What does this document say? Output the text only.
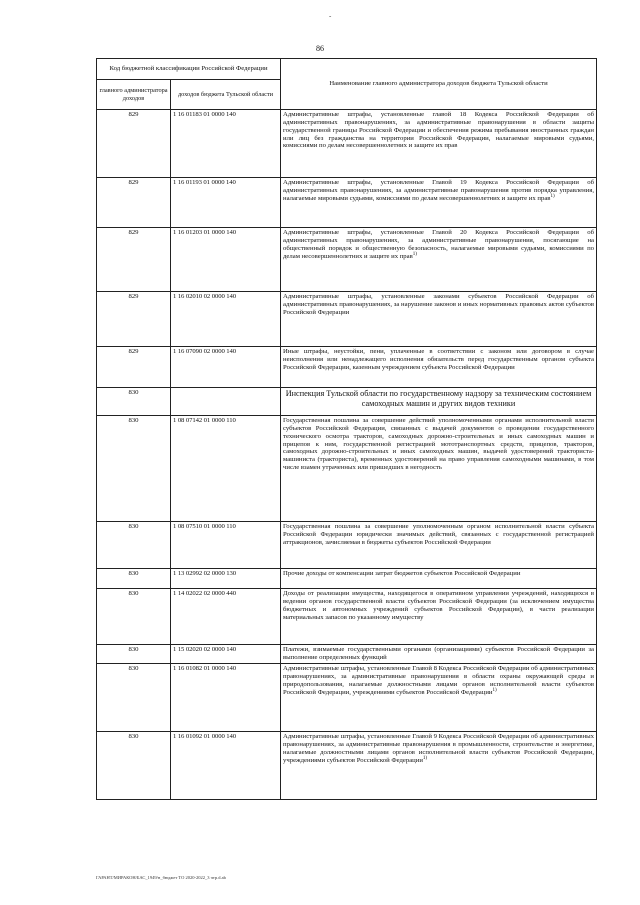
-
86
Код бюджетной классификации Российской Федерации		Наименование главного администратора доходов бюджета Тульской области
главного администратора доходов	доходов бюджета Тульской области	
829	1 16 01183 01 0000 140	Административные штрафы, установленные главой 18 Кодекса Российской Федерации об административных правонарушениях, за административные правонарушения в области защиты государственной границы Российской Федерации и обеспечения режима пребывания иностранных граждан или лиц без гражданства на территории Российской Федерации, налагаемые мировыми судьями, комиссиями по делам несовершеннолетних и защите их прав
829	1 16 01193 01 0000 140	Административные штрафы, установленные Главой 19 Кодекса Российской Федерации об административных правонарушениях, за административные правонарушения против порядка управления, налагаемые мировыми судьями, комиссиями по делам несовершеннолетних и защите их прав$^{1)}$
829	1 16 01203 01 0000 140	Административные штрафы, установленные Главой 20 Кодекса Российской Федерации об административных правонарушениях, за административные правонарушения, посягающие на общественный порядок и общественную безопасность, налагаемые мировыми судьями, комиссиями по делам несовершеннолетних и защите их прав$^{1)}$
829	1 16 02010 02 0000 140	Административные штрафы, установленные законами субъектов Российской Федерации об административных правонарушениях, за нарушение законов и иных нормативных правовых актов субъектов Российской Федерации
829	1 16 07090 02 0000 140	Иные штрафы, неустойки, пени, уплаченные в соответствии с законом или договором в случае неисполнения или ненадлежащего исполнения обязательств перед государственным органом субъекта Российской Федерации, казенным учреждением субъекта Российской Федерации
830		Инспекция Тульской области по государственному надзору за техническим состоянием самоходных машин и других видов техники
830	1 08 07142 01 0000 110	Государственная пошлина за совершение действий уполномоченными органами исполнительной власти субъектов Российской Федерации, связанных с выдачей документов о проведении государственного технического осмотра тракторов, самоходных дорожно-строительных и иных самоходных машин и прицепов к ним, государственной регистрацией мототранспортных средств, прицепов, тракторов, самоходных дорожно-строительных и иных самоходных машин, выдачей удостоверений тракториста-машиниста (тракториста), временных удостоверений на право управления самоходными машинами, в том числе взамен утраченных или пришедших в негодность
830	1 08 07510 01 0000 110	Государственная пошлина за совершение уполномоченным органом исполнительной власти субъекта Российской Федерации юридически значимых действий, связанных с государственной регистрацией аттракционов, зачисляемая в бюджеты субъектов Российской Федерации
830	1 13 02992 02 0000 130	Прочие доходы от компенсации затрат бюджетов субъектов Российской Федерации
830	1 14 02022 02 0000 440	Доходы от реализации имущества, находящегося в оперативном управлении учреждений, находящихся в ведении органов государственной власти субъектов Российской Федерации (за исключением имущества бюджетных и автономных учреждений субъектов Российской Федерации), в части реализации материальных запасов по указанному имуществу
830	1 15 02020 02 0000 140	Платежи, взимаемые государственными органами (организациями) субъектов Российской Федерации за выполнение определенных функций
830	1 16 01082 01 0000 140	Административные штрафы, установленные Главой 8 Кодекса Российской Федерации об административных правонарушениях, за административные правонарушения в области охраны окружающей среды и природопользования, налагаемые должностными лицами органов исполнительной власти субъектов Российской Федерации, учреждениями субъектов Российской Федерации$^{1)}$
830	1 16 01092 01 0000 140	Административные штрафы, установленные Главой 9 Кодекса Российской Федерации об административных правонарушениях, за административные правонарушения в промышленности, строительстве и энергетике, налагаемые должностными лицами органов исполнительной власти субъектов Российской Федерации, учреждениями субъектов Российской Федерации$^{1)}$
ГАРАНТ/МИРАКОН/БАС_1949/н_бюджет ТО 2020-2022_3 чтр.d.ab
